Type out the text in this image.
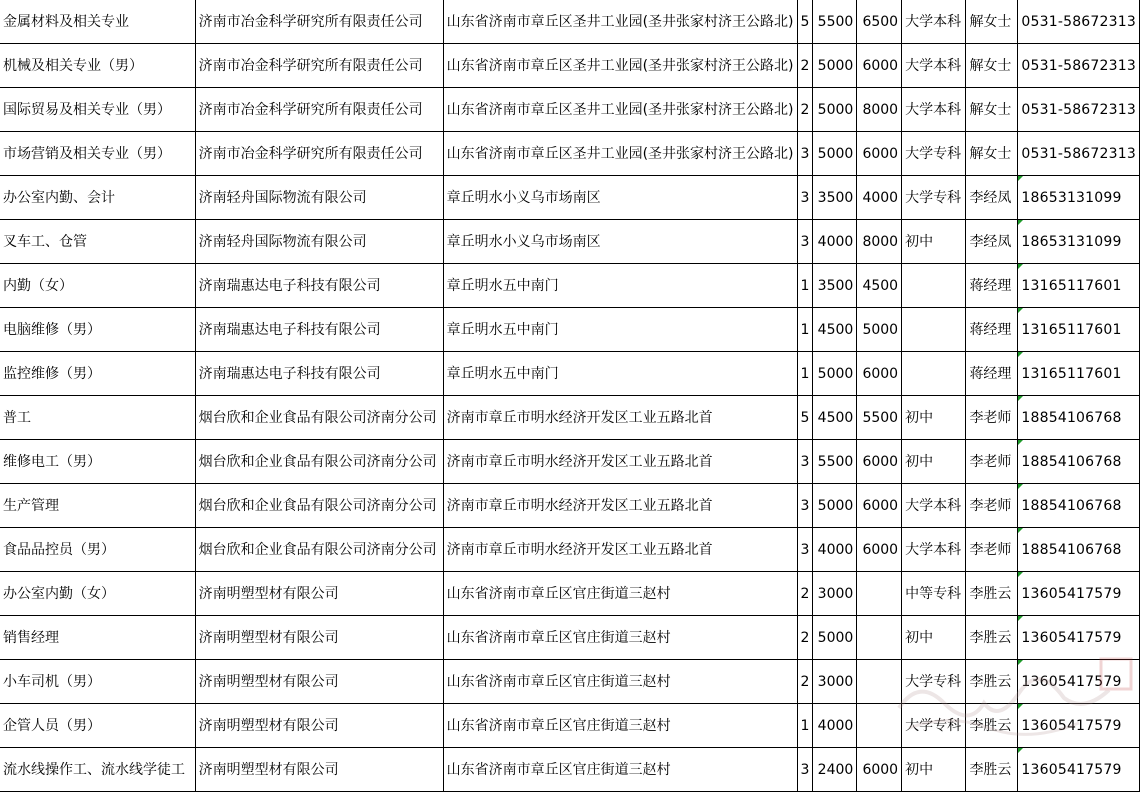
金属材料及相关专业	济南市冶金科学研究所有限责任公司	山东省济南市章丘区圣井工业园(圣井张家村济王公路北)	5	5500	6500	大学本科	解女士	0531-58672313
机械及相关专业（男）	济南市冶金科学研究所有限责任公司	山东省济南市章丘区圣井工业园(圣井张家村济王公路北)	2	5000	6000	大学本科	解女士	0531-58672313
国际贸易及相关专业（男）	济南市冶金科学研究所有限责任公司	山东省济南市章丘区圣井工业园(圣井张家村济王公路北)	2	5000	8000	大学本科	解女士	0531-58672313
市场营销及相关专业（男）	济南市冶金科学研究所有限责任公司	山东省济南市章丘区圣井工业园(圣井张家村济王公路北)	3	5000	6000	大学专科	解女士	0531-58672313
办公室内勤、会计	济南轻舟国际物流有限公司	章丘明水小义乌市场南区	3	3500	4000	大学专科	李经凤	18653131099

叉车工、仓管	济南轻舟国际物流有限公司	章丘明水小义乌市场南区	3	4000	8000	初中	李经凤	18653131099

内勤（女）	济南瑞惠达电子科技有限公司	章丘明水五中南门	1	3500	4500		蒋经理	13165117601

电脑维修（男）	济南瑞惠达电子科技有限公司	章丘明水五中南门	1	4500	5000		蒋经理	13165117601

监控维修（男）	济南瑞惠达电子科技有限公司	章丘明水五中南门	1	5000	6000		蒋经理	13165117601

普工	烟台欣和企业食品有限公司济南分公司	济南市章丘市明水经济开发区工业五路北首	5	4500	5500	初中	李老师	18854106768

维修电工（男）	烟台欣和企业食品有限公司济南分公司	济南市章丘市明水经济开发区工业五路北首	3	5500	6000	初中	李老师	18854106768

生产管理	烟台欣和企业食品有限公司济南分公司	济南市章丘市明水经济开发区工业五路北首	3	5000	6000	大学本科	李老师	18854106768

食品品控员（男）	烟台欣和企业食品有限公司济南分公司	济南市章丘市明水经济开发区工业五路北首	3	4000	6000	大学本科	李老师	18854106768

办公室内勤（女）	济南明塑型材有限公司	山东省济南市章丘区官庄街道三赵村	2	3000		中等专科	李胜云	13605417579

销售经理	济南明塑型材有限公司	山东省济南市章丘区官庄街道三赵村	2	5000		初中	李胜云	13605417579

小车司机（男）	济南明塑型材有限公司	山东省济南市章丘区官庄街道三赵村	2	3000		大学专科	李胜云	13605417579

企管人员（男）	济南明塑型材有限公司	山东省济南市章丘区官庄街道三赵村	1	4000		大学专科	李胜云	13605417579

流水线操作工、流水线学徒工	济南明塑型材有限公司	山东省济南市章丘区官庄街道三赵村	3	2400	6000	初中	李胜云	13605417579
